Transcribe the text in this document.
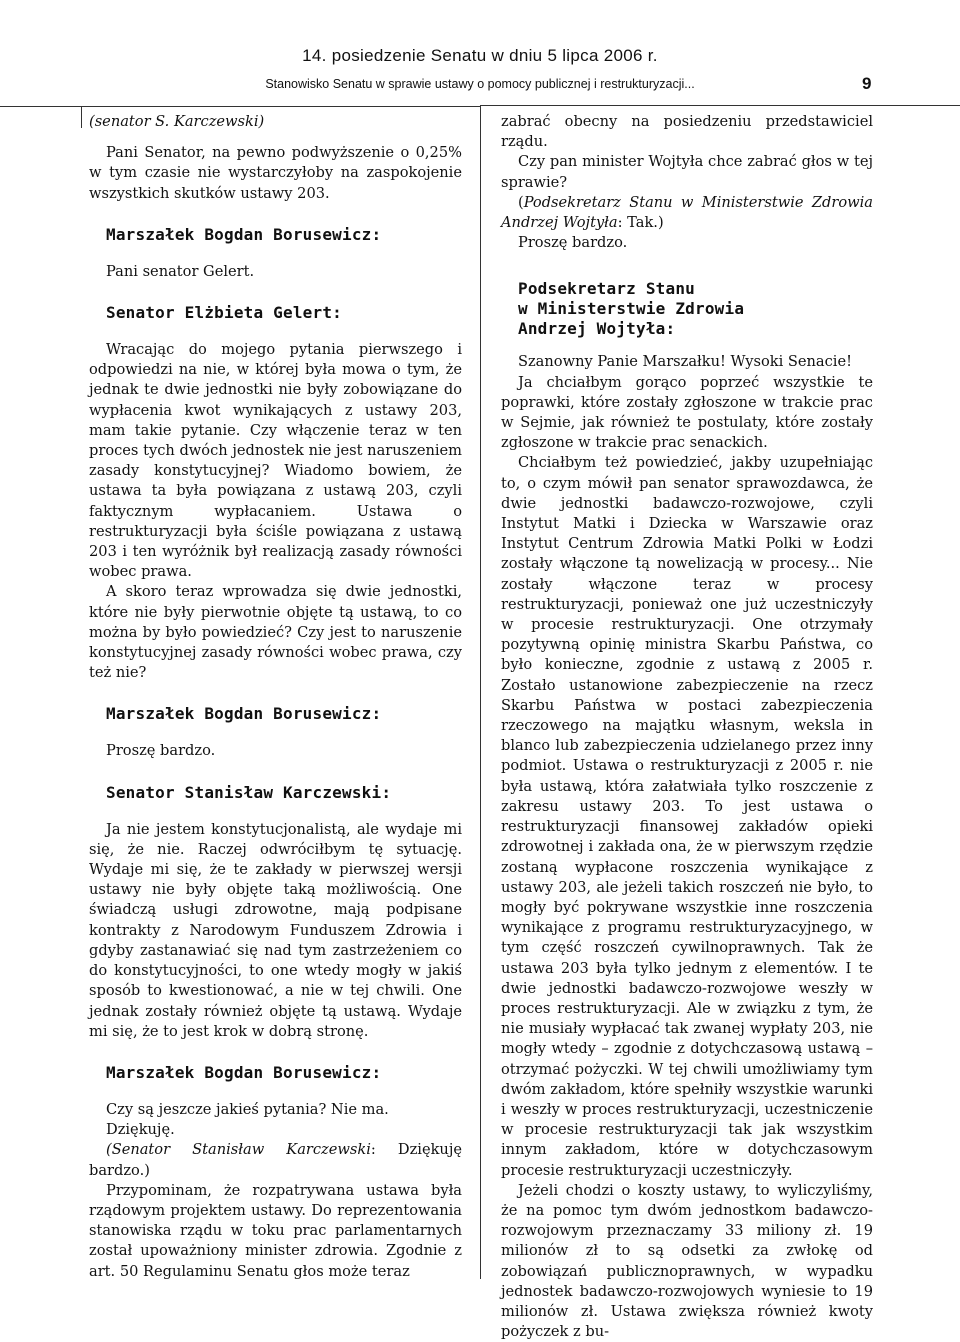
14. posiedzenie Senatu w dniu 5 lipca 2006 r.
Stanowisko Senatu w sprawie ustawy o pomocy publicznej i restrukturyzacji...	9

(senator S. Karczewski)

Pani Senator, na pewno podwyższenie o 0,25% w tym czasie nie wystarczyłoby na zaspokojenie wszystkich skutków ustawy 203.

Marszałek Bogdan Borusewicz:

Pani senator Gelert.

Senator Elżbieta Gelert:

Wracając do mojego pytania pierwszego i odpowiedzi na nie, w której była mowa o tym, że jednak te dwie jednostki nie były zobowiązane do wypłacenia kwot wynikających z ustawy 203, mam takie pytanie. Czy włączenie teraz w ten proces tych dwóch jednostek nie jest naruszeniem zasady konstytucyjnej? Wiadomo bowiem, że ustawa ta była powiązana z ustawą 203, czyli faktycznym wypłacaniem. Ustawa o restrukturyzacji była ściśle powiązana z ustawą 203 i ten wyróżnik był realizacją zasady równości wobec prawa.

A skoro teraz wprowadza się dwie jednostki, które nie były pierwotnie objęte tą ustawą, to co można by było powiedzieć? Czy jest to naruszenie konstytucyjnej zasady równości wobec prawa, czy też nie?

Marszałek Bogdan Borusewicz:

Proszę bardzo.

Senator Stanisław Karczewski:

Ja nie jestem konstytucjonalistą, ale wydaje mi się, że nie. Raczej odwróciłbym tę sytuację. Wydaje mi się, że te zakłady w pierwszej wersji ustawy nie były objęte taką możliwością. One świadczą usługi zdrowotne, mają podpisane kontrakty z Narodowym Funduszem Zdrowia i gdyby zastanawiać się nad tym zastrzeżeniem co do konstytucyjności, to one wtedy mogły w jakiś sposób to kwestionować, a nie w tej chwili. One jednak zostały również objęte tą ustawą. Wydaje mi się, że to jest krok w dobrą stronę.

Marszałek Bogdan Borusewicz:

Czy są jeszcze jakieś pytania? Nie ma.

Dziękuję.

(Senator Stanisław Karczewski: Dziękuję bardzo.)

Przypominam, że rozpatrywana ustawa była rządowym projektem ustawy. Do reprezentowania stanowiska rządu w toku prac parlamentarnych został upoważniony minister zdrowia. Zgodnie z art. 50 Regulaminu Senatu głos może teraz

zabrać obecny na posiedzeniu przedstawiciel rządu.

Czy pan minister Wojtyła chce zabrać głos w tej sprawie?

(Podsekretarz Stanu w Ministerstwie Zdrowia Andrzej Wojtyła: Tak.)

Proszę bardzo.

Podsekretarz Stanu
w Ministerstwie Zdrowia
Andrzej Wojtyła:

Szanowny Panie Marszałku! Wysoki Senacie!

Ja chciałbym gorąco poprzeć wszystkie te poprawki, które zostały zgłoszone w trakcie prac w Sejmie, jak również te postulaty, które zostały zgłoszone w trakcie prac senackich.

Chciałbym też powiedzieć, jakby uzupełniając to, o czym mówił pan senator sprawozdawca, że dwie jednostki badawczo-rozwojowe, czyli Instytut Matki i Dziecka w Warszawie oraz Instytut Centrum Zdrowia Matki Polki w Łodzi zostały włączone tą nowelizacją w procesy... Nie zostały włączone teraz w procesy restrukturyzacji, ponieważ one już uczestniczyły w procesie restrukturyzacji. One otrzymały pozytywną opinię ministra Skarbu Państwa, co było konieczne, zgodnie z ustawą z 2005 r. Zostało ustanowione zabezpieczenie na rzecz Skarbu Państwa w postaci zabezpieczenia rzeczowego na majątku własnym, weksla in blanco lub zabezpieczenia udzielanego przez inny podmiot. Ustawa o restrukturyzacji z 2005 r. nie była ustawą, która załatwiała tylko roszczenie z zakresu ustawy 203. To jest ustawa o restrukturyzacji finansowej zakładów opieki zdrowotnej i zakłada ona, że w pierwszym rzędzie zostaną wypłacone roszczenia wynikające z ustawy 203, ale jeżeli takich roszczeń nie było, to mogły być pokrywane wszystkie inne roszczenia wynikające z programu restrukturyzacyjnego, w tym część roszczeń cywilnoprawnych. Tak że ustawa 203 była tylko jednym z elementów. I te dwie jednostki badawczo-rozwojowe weszły w proces restrukturyzacji. Ale w związku z tym, że nie musiały wypłacać tak zwanej wypłaty 203, nie mogły wtedy – zgodnie z dotychczasową ustawą – otrzymać pożyczki. W tej chwili umożliwiamy tym dwóm zakładom, które spełniły wszystkie warunki i weszły w proces restrukturyzacji, uczestniczenie w procesie restrukturyzacji tak jak wszystkim innym zakładom, które w dotychczasowym procesie restrukturyzacji uczestniczyły.

Jeżeli chodzi o koszty ustawy, to wyliczyliśmy, że na pomoc tym dwóm jednostkom badawczo-rozwojowym przeznaczamy 33 miliony zł. 19 milionów zł to są odsetki za zwłokę od zobowiązań publicznoprawnych, w wypadku jednostek badawczo-rozwojowych wyniesie to 19 milionów zł. Ustawa zwiększa również kwoty pożyczek z bu-
